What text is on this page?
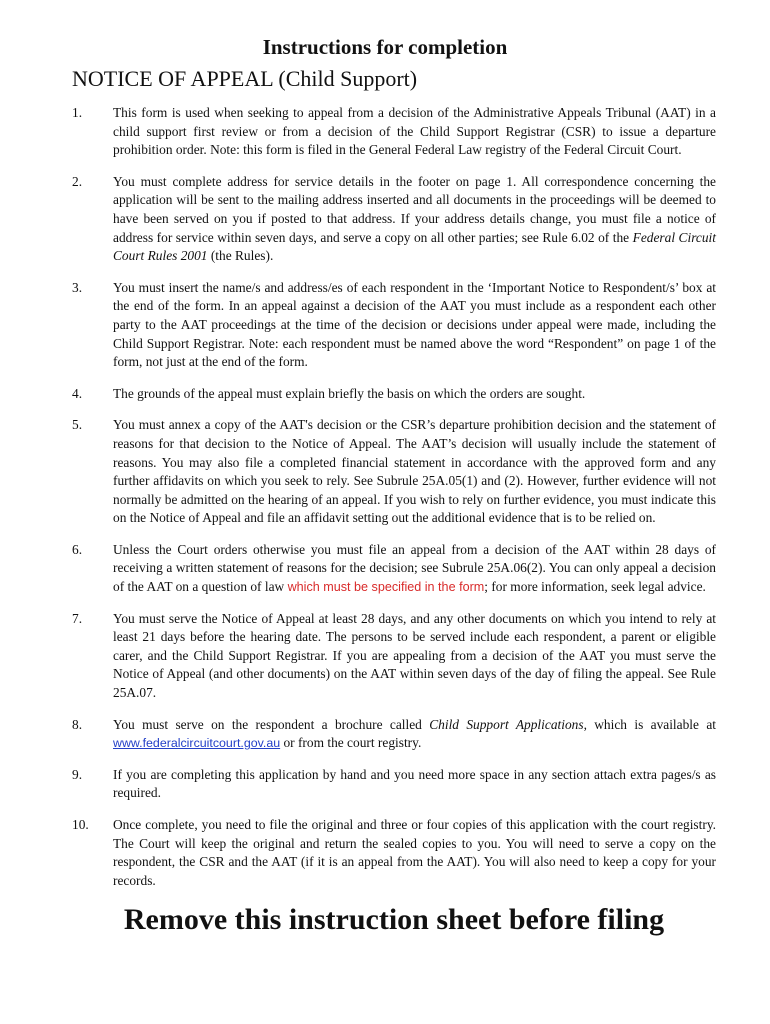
Instructions for completion
NOTICE OF APPEAL (Child Support)
1.	This form is used when seeking to appeal from a decision of the Administrative Appeals Tribunal (AAT) in a child support first review or from a decision of the Child Support Registrar (CSR) to issue a departure prohibition order. Note: this form is filed in the General Federal Law registry of the Federal Circuit Court.
2.	You must complete address for service details in the footer on page 1. All correspondence concerning the application will be sent to the mailing address inserted and all documents in the proceedings will be deemed to have been served on you if posted to that address. If your address details change, you must file a notice of address for service within seven days, and serve a copy on all other parties; see Rule 6.02 of the Federal Circuit Court Rules 2001 (the Rules).
3.	You must insert the name/s and address/es of each respondent in the ‘Important Notice to Respondent/s’ box at the end of the form. In an appeal against a decision of the AAT you must include as a respondent each other party to the AAT proceedings at the time of the decision or decisions under appeal were made, including the Child Support Registrar. Note: each respondent must be named above the word “Respondent” on page 1 of the form, not just at the end of the form.
4.	The grounds of the appeal must explain briefly the basis on which the orders are sought.
5.	You must annex a copy of the AAT's decision or the CSR’s departure prohibition decision and the statement of reasons for that decision to the Notice of Appeal. The AAT’s decision will usually include the statement of reasons. You may also file a completed financial statement in accordance with the approved form and any further affidavits on which you seek to rely. See Subrule 25A.05(1) and (2). However, further evidence will not normally be admitted on the hearing of an appeal. If you wish to rely on further evidence, you must indicate this on the Notice of Appeal and file an affidavit setting out the additional evidence that is to be relied on.
6.	Unless the Court orders otherwise you must file an appeal from a decision of the AAT within 28 days of receiving a written statement of reasons for the decision; see Subrule 25A.06(2). You can only appeal a decision of the AAT on a question of law which must be specified in the form; for more information, seek legal advice.
7.	You must serve the Notice of Appeal at least 28 days, and any other documents on which you intend to rely at least 21 days before the hearing date. The persons to be served include each respondent, a parent or eligible carer, and the Child Support Registrar. If you are appealing from a decision of the AAT you must serve the Notice of Appeal (and other documents) on the AAT within seven days of the day of filing the appeal. See Rule 25A.07.
8.	You must serve on the respondent a brochure called Child Support Applications, which is available at www.federalcircuitcourt.gov.au or from the court registry.
9.	If you are completing this application by hand and you need more space in any section attach extra pages/s as required.
10.	Once complete, you need to file the original and three or four copies of this application with the court registry. The Court will keep the original and return the sealed copies to you. You will need to serve a copy on the respondent, the CSR and the AAT (if it is an appeal from the AAT). You will also need to keep a copy for your records.

Remove this instruction sheet before filing
